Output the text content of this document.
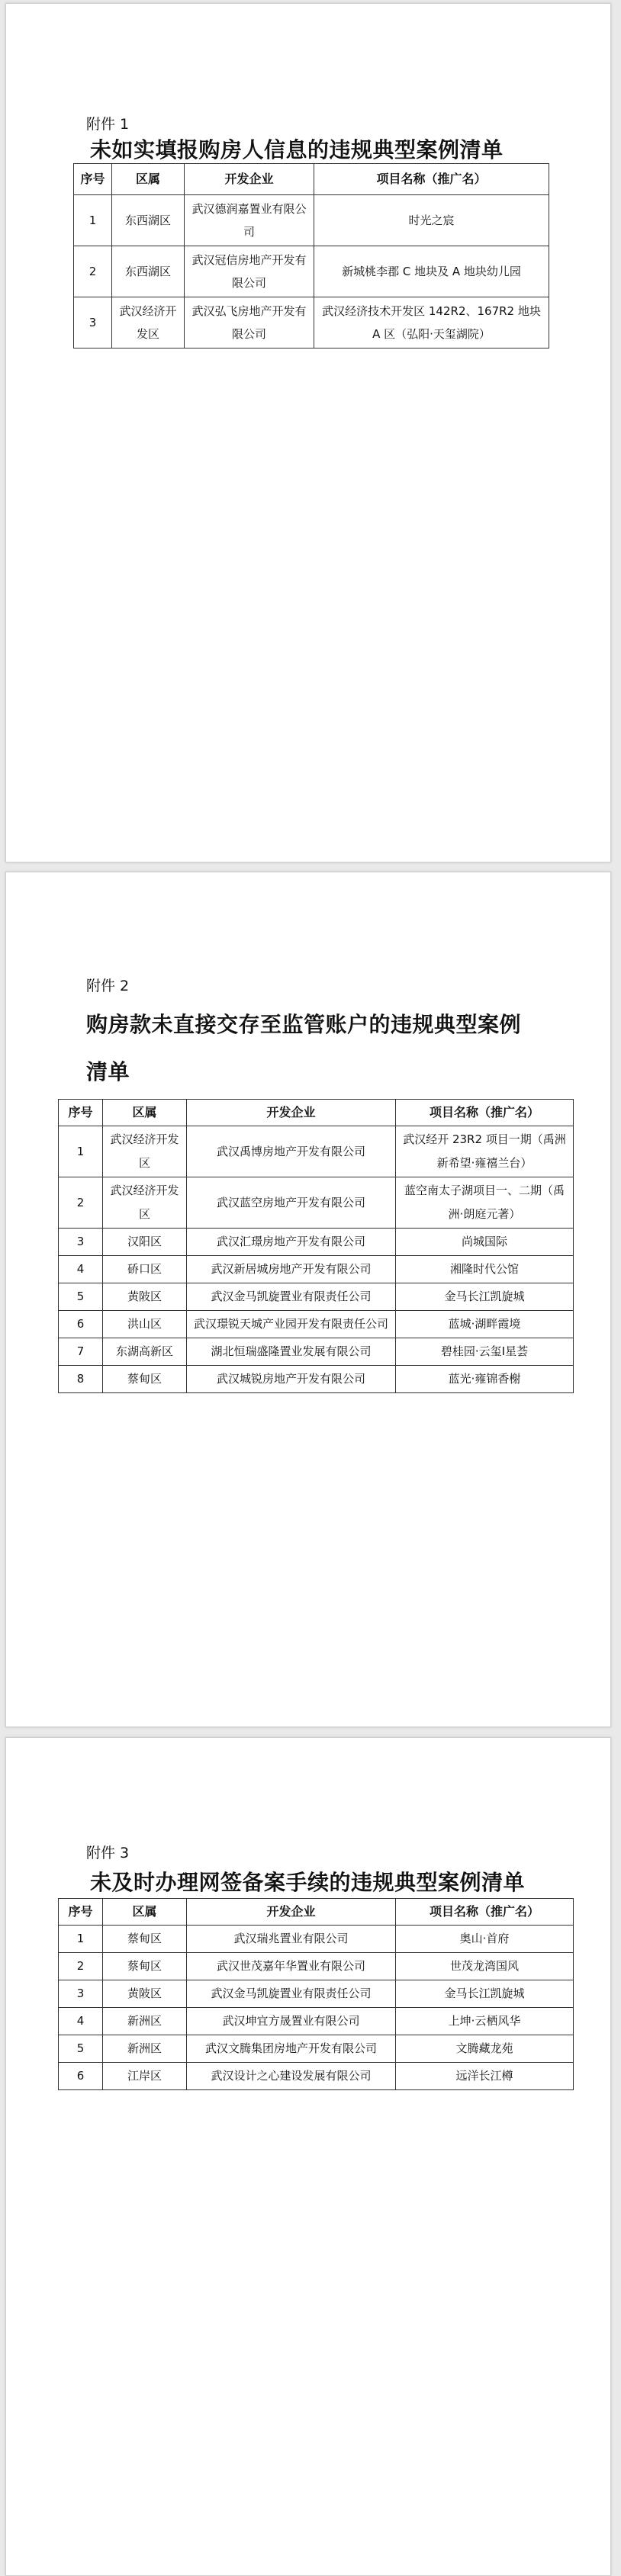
附件 1
未如实填报购房人信息的违规典型案例清单
序号	区属	开发企业	项目名称（推广名）
1	东西湖区	武汉德润嘉置业有限公司	时光之宸
2	东西湖区	武汉冠信房地产开发有限公司	新城桃李郡 C 地块及 A 地块幼儿园
3	武汉经济开发区	武汉弘飞房地产开发有限公司	武汉经济技术开发区 142R2、167R2 地块 A 区（弘阳·天玺湖院）
附件 2
购房款未直接交存至监管账户的违规典型案例
清单
序号	区属	开发企业	项目名称（推广名）
1	武汉经济开发区	武汉禹博房地产开发有限公司	武汉经开 23R2 项目一期（禹洲新希望·雍禧兰台）
2	武汉经济开发区	武汉蓝空房地产开发有限公司	蓝空南太子湖项目一、二期（禹洲·朗庭元著）
3	汉阳区	武汉汇璟房地产开发有限公司	尚城国际
4	硚口区	武汉新居城房地产开发有限公司	湘隆时代公馆
5	黄陂区	武汉金马凯旋置业有限责任公司	金马长江凯旋城
6	洪山区	武汉璟锐天城产业园开发有限责任公司	蓝城·湖畔霞境
7	东湖高新区	湖北恒瑞盛隆置业发展有限公司	碧桂园·云玺Ⅰ星荟
8	蔡甸区	武汉城锐房地产开发有限公司	蓝光·雍锦香榭
附件 3
未及时办理网签备案手续的违规典型案例清单
序号	区属	开发企业	项目名称（推广名）
1	蔡甸区	武汉瑞兆置业有限公司	奥山·首府
2	蔡甸区	武汉世茂嘉年华置业有限公司	世茂龙湾国风
3	黄陂区	武汉金马凯旋置业有限责任公司	金马长江凯旋城
4	新洲区	武汉坤宜方晟置业有限公司	上坤·云栖风华
5	新洲区	武汉文腾集团房地产开发有限公司	文腾藏龙苑
6	江岸区	武汉设计之心建设发展有限公司	远洋长江樽
